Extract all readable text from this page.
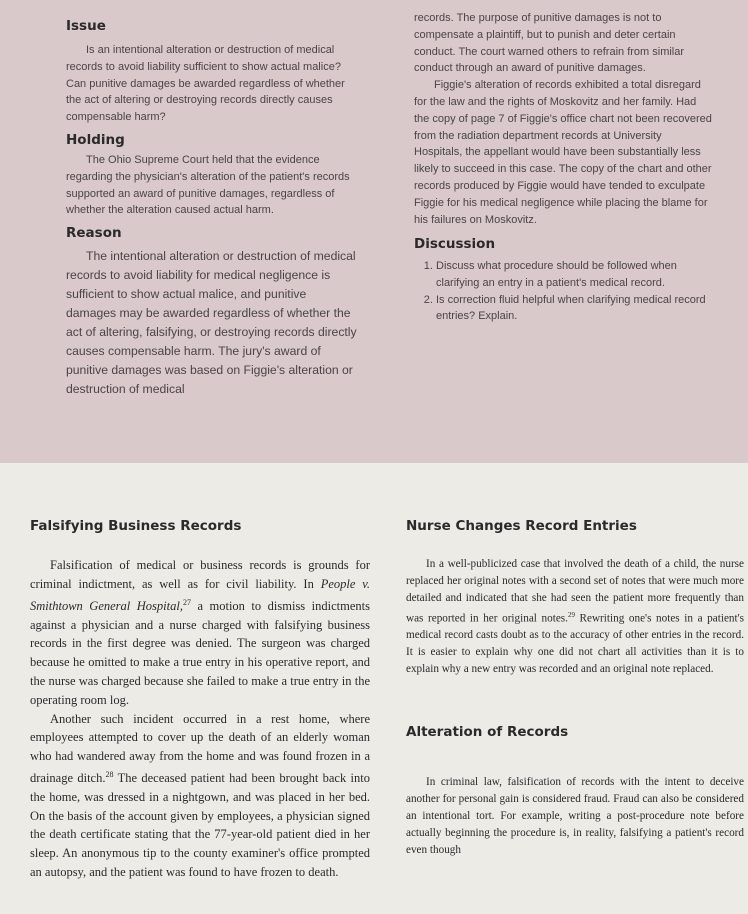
Issue

Is an intentional alteration or destruction of medical records to avoid liability sufficient to show actual malice? Can punitive damages be awarded regardless of whether the act of altering or destroying records directly causes compensable harm?

Holding

The Ohio Supreme Court held that the evidence regarding the physician's alteration of the patient's records supported an award of punitive damages, regardless of whether the alteration caused actual harm.

Reason

The intentional alteration or destruction of medical records to avoid liability for medical negligence is sufficient to show actual malice, and punitive damages may be awarded regardless of whether the act of altering, falsifying, or destroying records directly causes compensable harm. The jury's award of punitive damages was based on Figgie's alteration or destruction of medical

records. The purpose of punitive damages is not to compensate a plaintiff, but to punish and deter certain conduct. The court warned others to refrain from similar conduct through an award of punitive damages.

Figgie's alteration of records exhibited a total disregard for the law and the rights of Moskovitz and her family. Had the copy of page 7 of Figgie's office chart not been recovered from the radiation department records at University Hospitals, the appellant would have been substantially less likely to succeed in this case. The copy of the chart and other records produced by Figgie would have tended to exculpate Figgie for his medical negligence while placing the blame for his failures on Moskovitz.

Discussion
1. Discuss what procedure should be followed when clarifying an entry in a patient's medical record.
2. Is correction fluid helpful when clarifying medical record entries? Explain.
Falsifying Business Records

Falsification of medical or business records is grounds for criminal indictment, as well as for civil liability. In People v. Smithtown General Hospital,$^{27}$ a motion to dismiss indictments against a physician and a nurse charged with falsifying business records in the first degree was denied. The surgeon was charged because he omitted to make a true entry in his operative report, and the nurse was charged because she failed to make a true entry in the operating room log.

Another such incident occurred in a rest home, where employees attempted to cover up the death of an elderly woman who had wandered away from the home and was found frozen in a drainage ditch.$^{28}$ The deceased patient had been brought back into the home, was dressed in a nightgown, and was placed in her bed. On the basis of the account given by employees, a physician signed the death certificate stating that the 77-year-old patient died in her sleep. An anonymous tip to the county examiner's office prompted an autopsy, and the patient was found to have frozen to death.

Nurse Changes Record Entries

In a well-publicized case that involved the death of a child, the nurse replaced her original notes with a second set of notes that were much more detailed and indicated that she had seen the patient more frequently than was reported in her original notes.$^{29}$ Rewriting one's notes in a patient's medical record casts doubt as to the accuracy of other entries in the record. It is easier to explain why one did not chart all activities than it is to explain why a new entry was recorded and an original note replaced.

Alteration of Records

In criminal law, falsification of records with the intent to deceive another for personal gain is considered fraud. Fraud can also be considered an intentional tort. For example, writing a post-procedure note before actually beginning the procedure is, in reality, falsifying a patient's record even though
